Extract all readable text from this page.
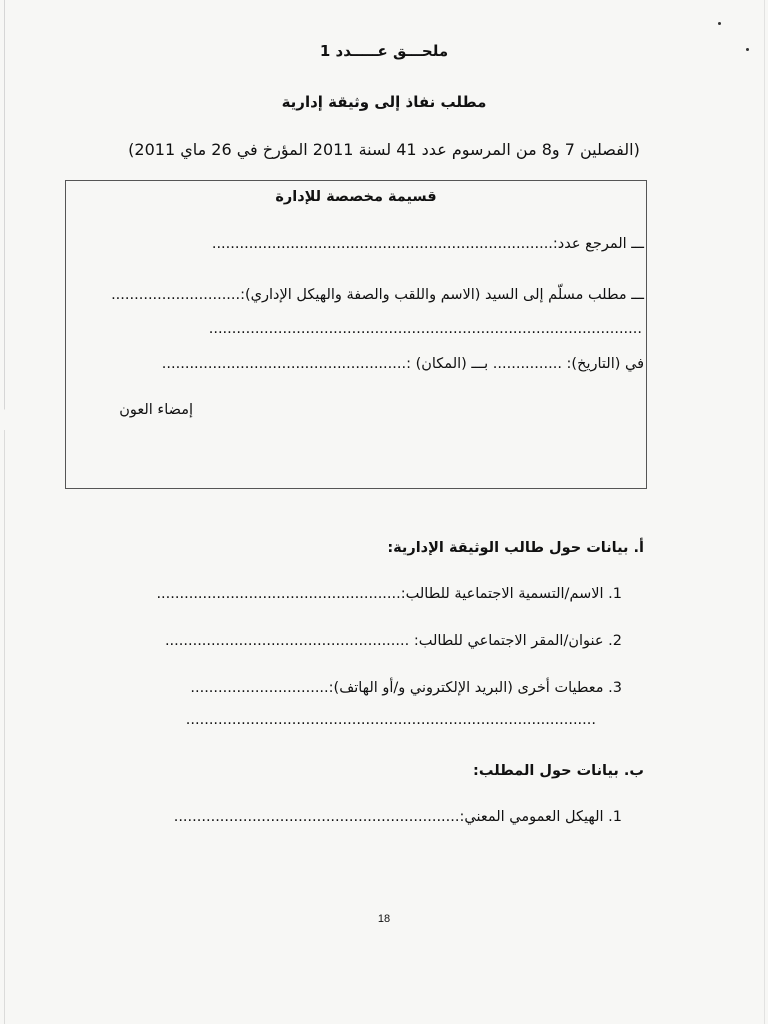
ملحـــق عـــــدد 1
مطلب نفاذ إلى وثيقة إدارية
(الفصلين 7 و8 من المرسوم عدد 41 لسنة 2011 المؤرخ في 26 ماي 2011)
قسيمة مخصصة للإدارة
ـــ المرجع عدد:..........................................................................
ـــ مطلب مسلّم إلى السيد (الاسم واللقب والصفة والهيكل الإداري):............................
..............................................................................................
في (التاريخ): ............... بـــ (المكان) :.....................................................
إمضاء العون
أ. بيانات حول طالب الوثيقة الإدارية:
1. الاسم/التسمية الاجتماعية للطالب:.....................................................
2. عنوان/المقر الاجتماعي للطالب: .....................................................
3. معطيات أخرى (البريد الإلكتروني و/أو الهاتف):..............................
.........................................................................................
ب. بيانات حول المطلب:
1. الهيكل العمومي المعني:..............................................................
18
